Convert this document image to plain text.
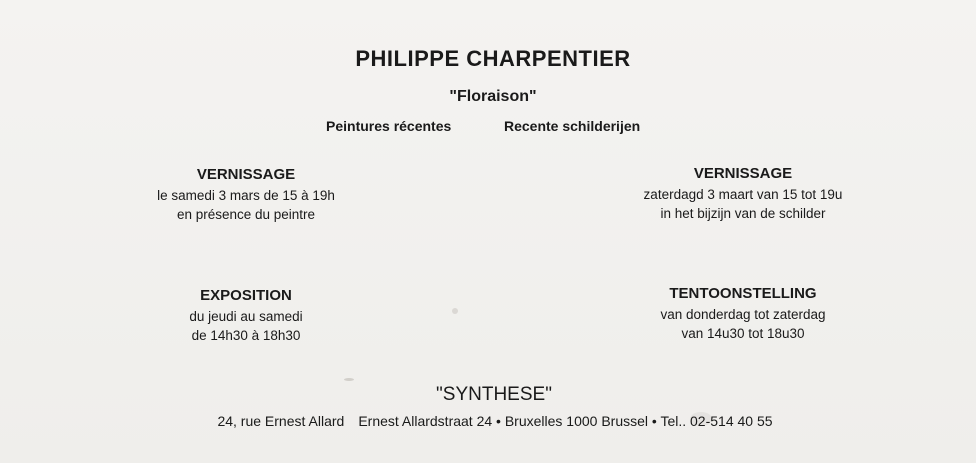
PHILIPPE CHARPENTIER
"Floraison"
Peintures récentes	Recente schilderijen
VERNISSAGE
le samedi 3 mars de 15 à 19h
en présence du peintre
VERNISSAGE
zaterdagd 3 maart van 15 tot 19u
in het bijzijn van de schilder
EXPOSITION
du jeudi au samedi
de 14h30 à 18h30
TENTOONSTELLING
van donderdag tot zaterdag
van 14u30 tot 18u30
"SYNTHESE"
24, rue Ernest Allard Ernest Allardstraat 24 • Bruxelles 1000 Brussel • Tel.. 02-514 40 55
